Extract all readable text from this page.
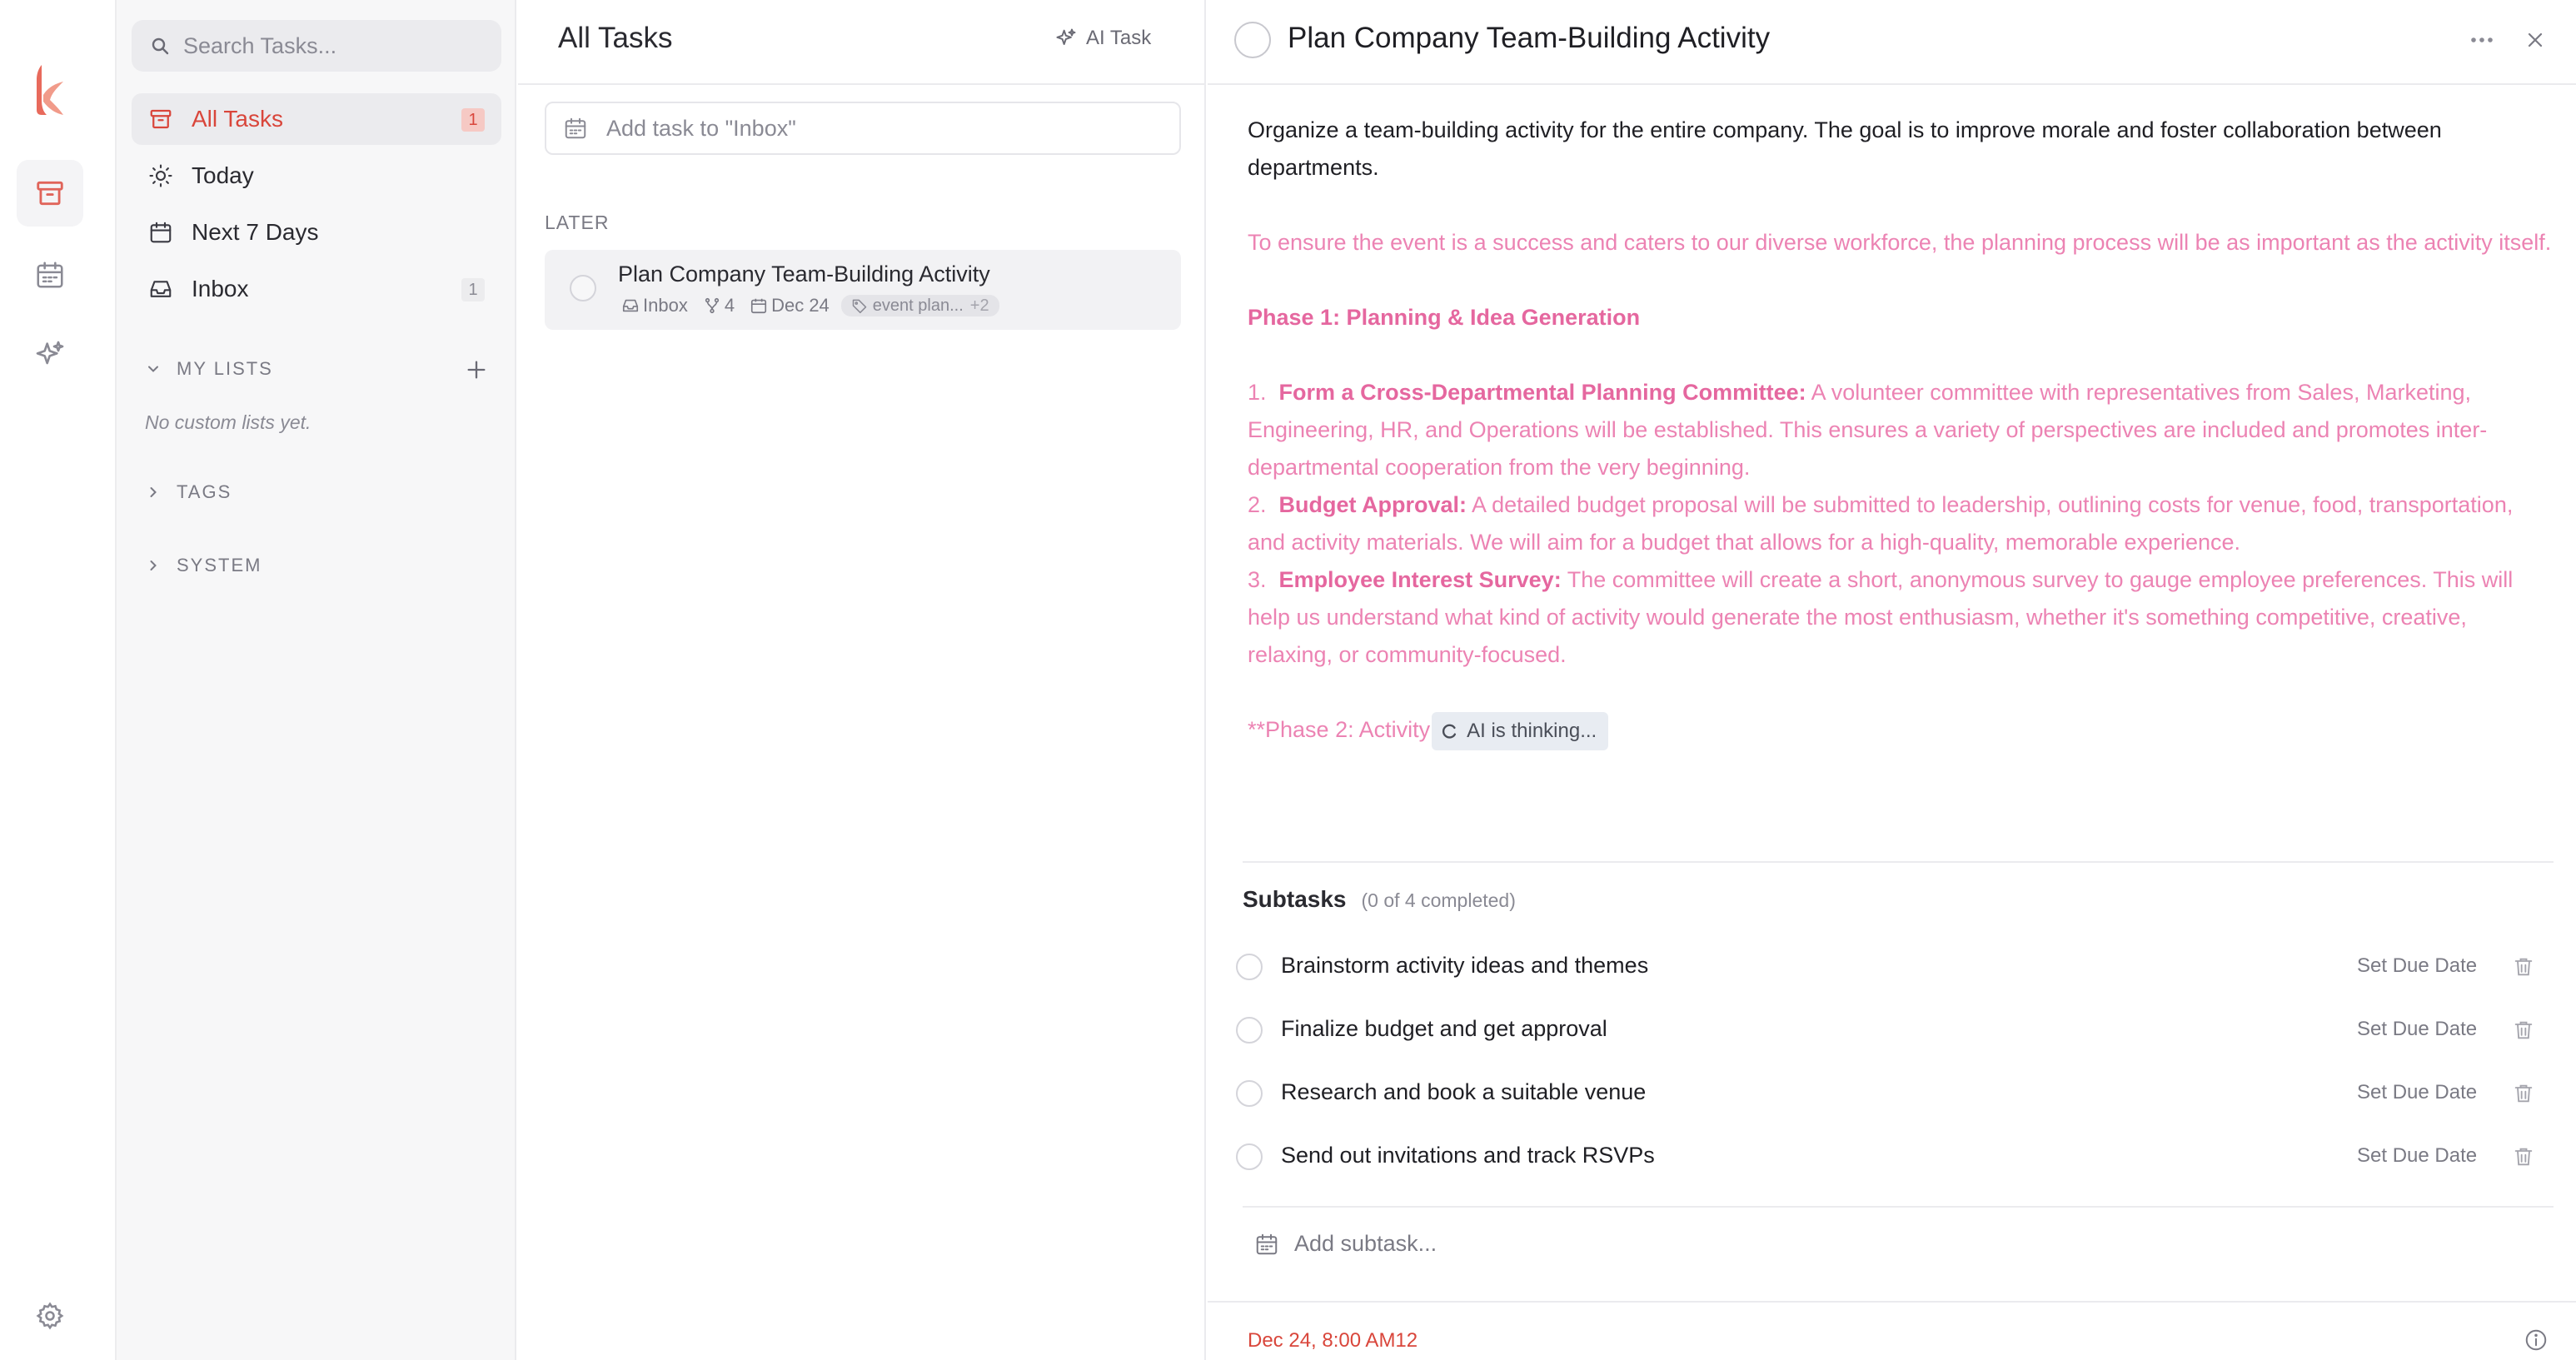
Search Tasks...
All Tasks	1
Today
Next 7 Days
Inbox	1
MY LISTS
No custom lists yet.
TAGS
SYSTEM
All Tasks	AI Task
Add task to "Inbox"
LATER
Plan Company Team-Building Activity
Inbox 4 Dec 24	event plan... +2
Plan Company Team-Building Activity

Organize a team-building activity for the entire company. The goal is to improve morale and foster collaboration between departments.

To ensure the event is a success and caters to our diverse workforce, the planning process will be as important as the activity itself.

Phase 1: Planning & Idea Generation

1. Form a Cross-Departmental Planning Committee: A volunteer committee with representatives from Sales, Marketing, Engineering, HR, and Operations will be established. This ensures a variety of perspectives are included and promotes inter-departmental cooperation from the very beginning.

2. Budget Approval: A detailed budget proposal will be submitted to leadership, outlining costs for venue, food, transportation, and activity materials. We will aim for a budget that allows for a high-quality, memorable experience.

3. Employee Interest Survey: The committee will create a short, anonymous survey to gauge employee preferences. This will help us understand what kind of activity would generate the most enthusiasm, whether it's something competitive, creative, relaxing, or community-focused.

**Phase 2: Activity AI is thinking...

Subtasks (0 of 4 completed)
Brainstorm activity ideas and themes	Set Due Date
Finalize budget and get approval	Set Due Date
Research and book a suitable venue	Set Due Date
Send out invitations and track RSVPs	Set Due Date
Add subtask...
Dec 24, 8:00 AM12
